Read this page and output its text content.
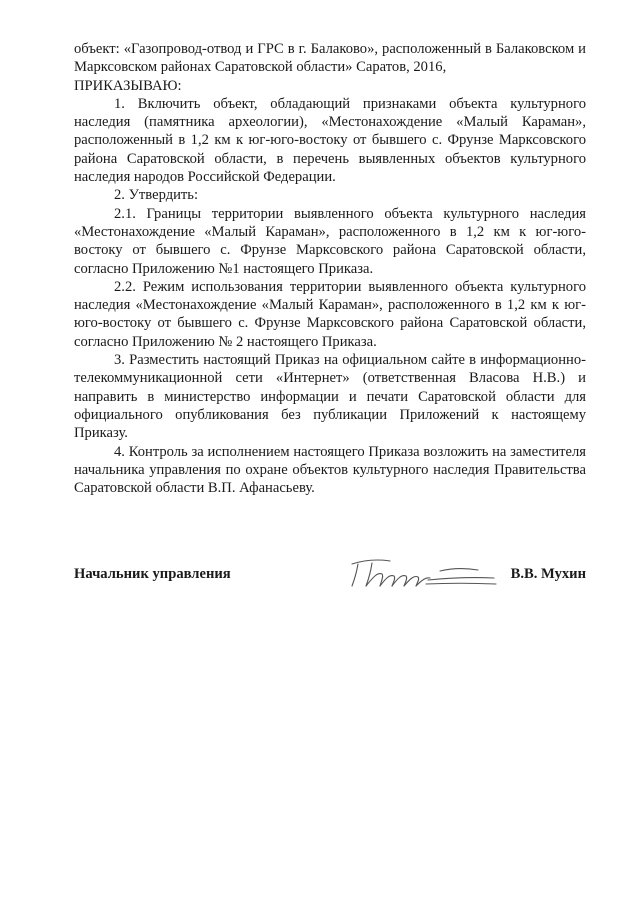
объект: «Газопровод-отвод и ГРС в г. Балаково», расположенный в Балаковском и Марксовском районах Саратовской области» Саратов, 2016,

ПРИКАЗЫВАЮ:

1. Включить объект, обладающий признаками объекта культурного наследия (памятника археологии), «Местонахождение «Малый Караман», расположенный в 1,2 км к юг-юго-востоку от бывшего с. Фрунзе Марксовского района Саратовской области, в перечень выявленных объектов культурного наследия народов Российской Федерации.

2. Утвердить:

2.1. Границы территории выявленного объекта культурного наследия «Местонахождение «Малый Караман», расположенного в 1,2 км к юг-юго-востоку от бывшего с. Фрунзе Марксовского района Саратовской области, согласно Приложению №1 настоящего Приказа.

2.2. Режим использования территории выявленного объекта культурного наследия «Местонахождение «Малый Караман», расположенного в 1,2 км к юг-юго-востоку от бывшего с. Фрунзе Марксовского района Саратовской области, согласно Приложению № 2 настоящего Приказа.

3. Разместить настоящий Приказ на официальном сайте в информационно-телекоммуникационной сети «Интернет» (ответственная Власова Н.В.) и направить в министерство информации и печати Саратовской области для официального опубликования без публикации Приложений к настоящему Приказу.

4. Контроль за исполнением настоящего Приказа возложить на заместителя начальника управления по охране объектов культурного наследия Правительства Саратовской области В.П. Афанасьеву.

Начальник управления	В.В. Мухин
